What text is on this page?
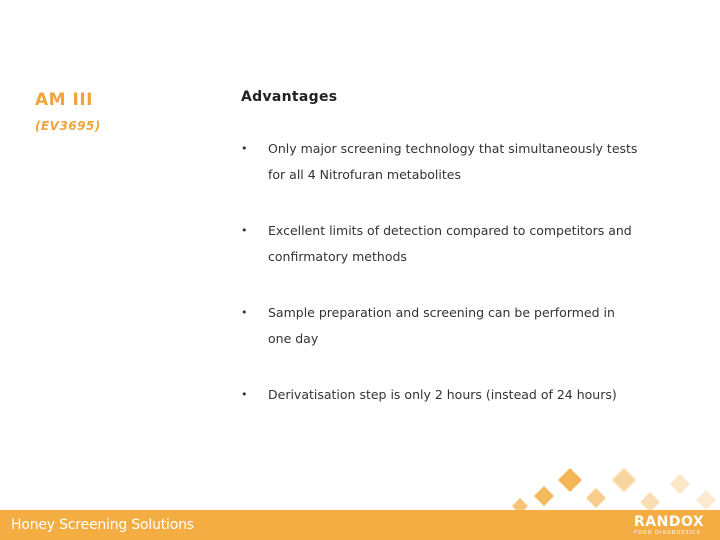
AM III
(EV3695)
Advantages
• Only major screening technology that simultaneously tests
for all 4 Nitrofuran metabolites
• Excellent limits of detection compared to competitors and
confirmatory methods
• Sample preparation and screening can be performed in
one day
• Derivatisation step is only 2 hours (instead of 24 hours)
Honey Screening Solutions	RANDOX
FOOD DIAGNOSTICS
